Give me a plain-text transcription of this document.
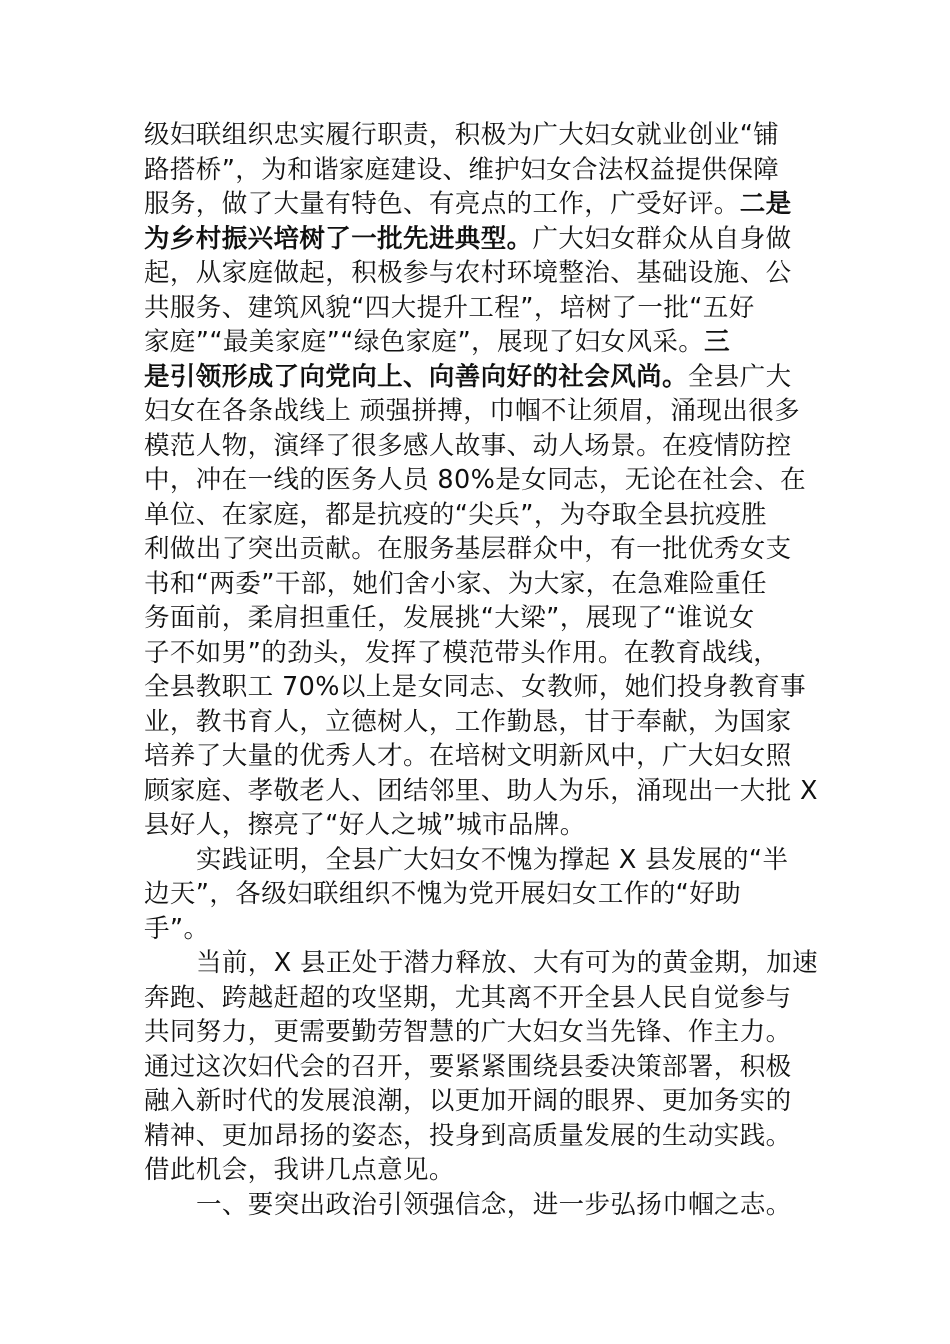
级妇联组织忠实履行职责，积极为广大妇女就业创业“铺
路搭桥”，为和谐家庭建设、维护妇女合法权益提供保障
服务，做了大量有特色、有亮点的工作，广受好评。二是
为乡村振兴培树了一批先进典型。广大妇女群众从自身做
起，从家庭做起，积极参与农村环境整治、基础设施、公
共服务、建筑风貌“四大提升工程”，培树了一批“五好
家庭”“最美家庭”“绿色家庭”，展现了妇女风采。三
是引领形成了向党向上、向善向好的社会风尚。全县广大
妇女在各条战线上 顽强拼搏，巾帼不让须眉，涌现出很多
模范人物，演绎了很多感人故事、动人场景。在疫情防控
中，冲在一线的医务人员 80%是女同志，无论在社会、在
单位、在家庭，都是抗疫的“尖兵”，为夺取全县抗疫胜
利做出了突出贡献。在服务基层群众中，有一批优秀女支
书和“两委”干部，她们舍小家、为大家，在急难险重任
务面前，柔肩担重任，发展挑“大梁”，展现了“谁说女
子不如男”的劲头，发挥了模范带头作用。在教育战线，
全县教职工 70%以上是女同志、女教师，她们投身教育事
业，教书育人，立德树人，工作勤恳，甘于奉献，为国家
培养了大量的优秀人才。在培树文明新风中，广大妇女照
顾家庭、孝敬老人、团结邻里、助人为乐，涌现出一大批 X
县好人，擦亮了“好人之城”城市品牌。
实践证明，全县广大妇女不愧为撑起 X 县发展的“半
边天”，各级妇联组织不愧为党开展妇女工作的“好助
手”。
当前，X 县正处于潜力释放、大有可为的黄金期，加速
奔跑、跨越赶超的攻坚期，尤其离不开全县人民自觉参与
共同努力，更需要勤劳智慧的广大妇女当先锋、作主力。
通过这次妇代会的召开，要紧紧围绕县委决策部署，积极
融入新时代的发展浪潮，以更加开阔的眼界、更加务实的
精神、更加昂扬的姿态，投身到高质量发展的生动实践。
借此机会，我讲几点意见。
一、要突出政治引领强信念，进一步弘扬巾帼之志。
